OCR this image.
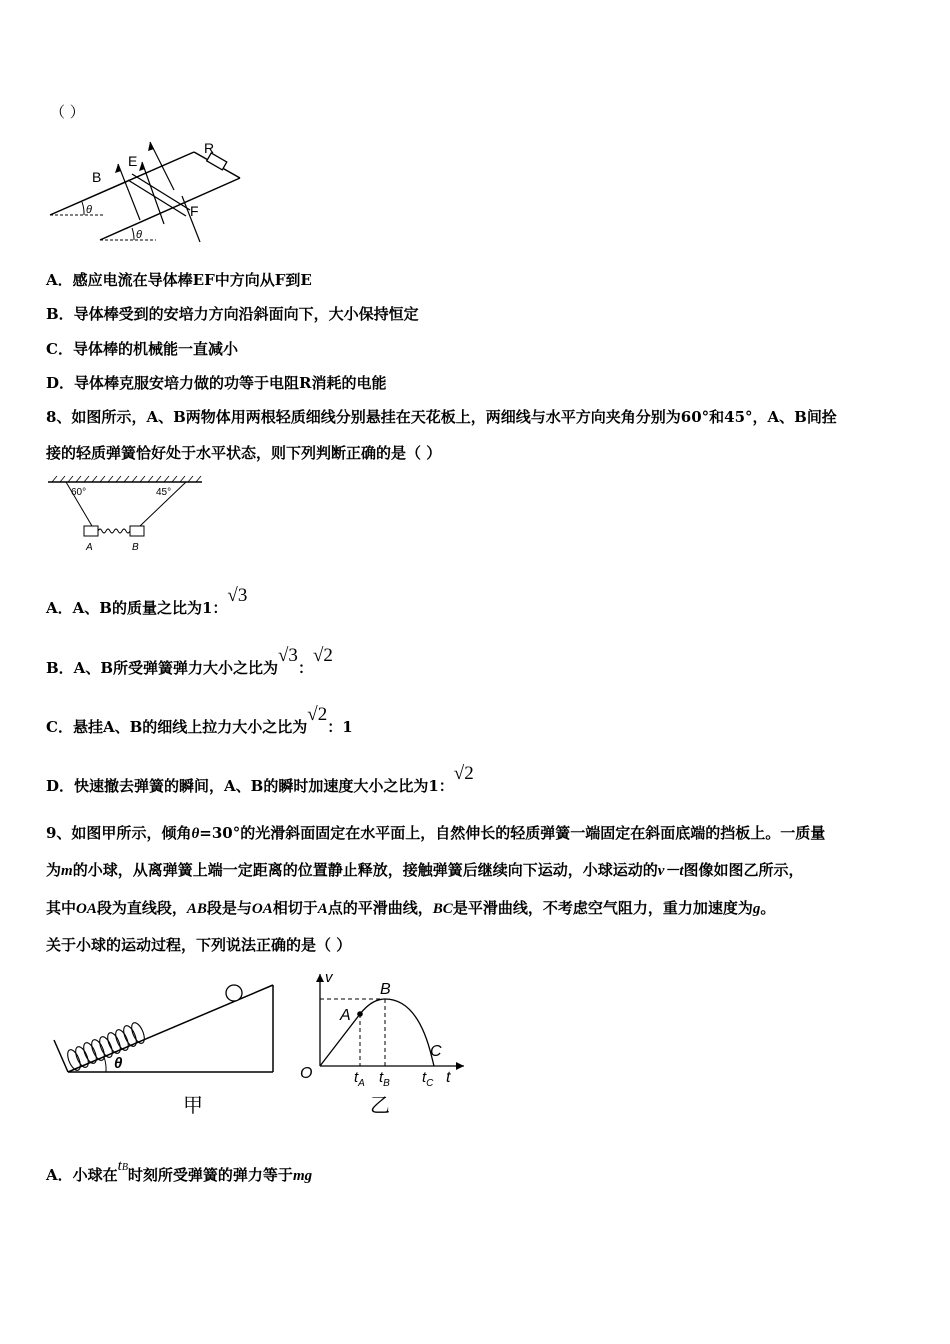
（ ）
B
E
R
F
θ
θ
A．感应电流在导体棒EF中方向从F到E
B．导体棒受到的安培力方向沿斜面向下，大小保持恒定
C．导体棒的机械能一直减小
D．导体棒克服安培力做的功等于电阻R消耗的电能
8、如图所示，A、B两物体用两根轻质细线分别悬挂在天花板上，两细线与水平方向夹角分别为60°和45°，A、B间拴
接的轻质弹簧恰好处于水平状态，则下列判断正确的是（ ）
60°	45°
A	B
A．A、B的质量之比为1：√3
B．A、B所受弹簧弹力大小之比为√3：√2
C．悬挂A、B的细线上拉力大小之比为√2：1
D．快速撤去弹簧的瞬间，A、B的瞬时加速度大小之比为1：√2
9、如图甲所示，倾角θ=30°的光滑斜面固定在水平面上，自然伸长的轻质弹簧一端固定在斜面底端的挡板上。一质量
为m的小球，从离弹簧上端一定距离的位置静止释放，接触弹簧后继续向下运动，小球运动的v－t图像如图乙所示，
其中OA段为直线段，AB段是与OA相切于A点的平滑曲线，BC是平滑曲线，不考虑空气阻力，重力加速度为g。
关于小球的运动过程，下列说法正确的是（ ）
θ
甲
v
O	t
A
B
C
$t_A$ $t_B$ $t_C$
乙
A．小球在tB时刻所受弹簧的弹力等于mg
